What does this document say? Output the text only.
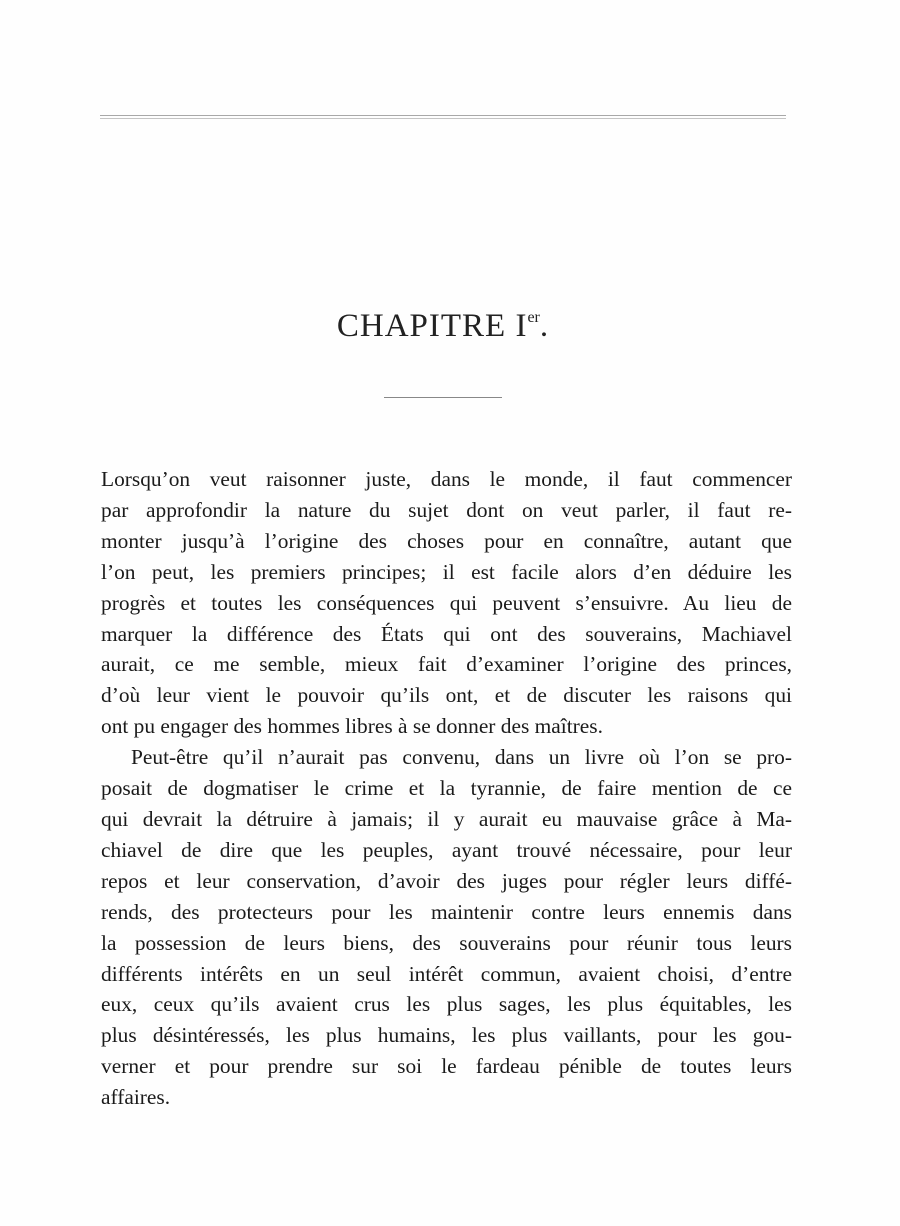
CHAPITRE Ier.

Lorsqu’on veut raisonner juste, dans le monde, il faut commencer
par approfondir la nature du sujet dont on veut parler, il faut re-
monter jusqu’à l’origine des choses pour en connaître, autant que
l’on peut, les premiers principes; il est facile alors d’en déduire les
progrès et toutes les conséquences qui peuvent s’ensuivre. Au lieu de
marquer la différence des États qui ont des souverains, Machiavel
aurait, ce me semble, mieux fait d’examiner l’origine des princes,
d’où leur vient le pouvoir qu’ils ont, et de discuter les raisons qui
ont pu engager des hommes libres à se donner des maîtres.

Peut-être qu’il n’aurait pas convenu, dans un livre où l’on se pro-
posait de dogmatiser le crime et la tyrannie, de faire mention de ce
qui devrait la détruire à jamais; il y aurait eu mauvaise grâce à Ma-
chiavel de dire que les peuples, ayant trouvé nécessaire, pour leur
repos et leur conservation, d’avoir des juges pour régler leurs diffé-
rends, des protecteurs pour les maintenir contre leurs ennemis dans
la possession de leurs biens, des souverains pour réunir tous leurs
différents intérêts en un seul intérêt commun, avaient choisi, d’entre
eux, ceux qu’ils avaient crus les plus sages, les plus équitables, les
plus désintéressés, les plus humains, les plus vaillants, pour les gou-
verner et pour prendre sur soi le fardeau pénible de toutes leurs
affaires.
